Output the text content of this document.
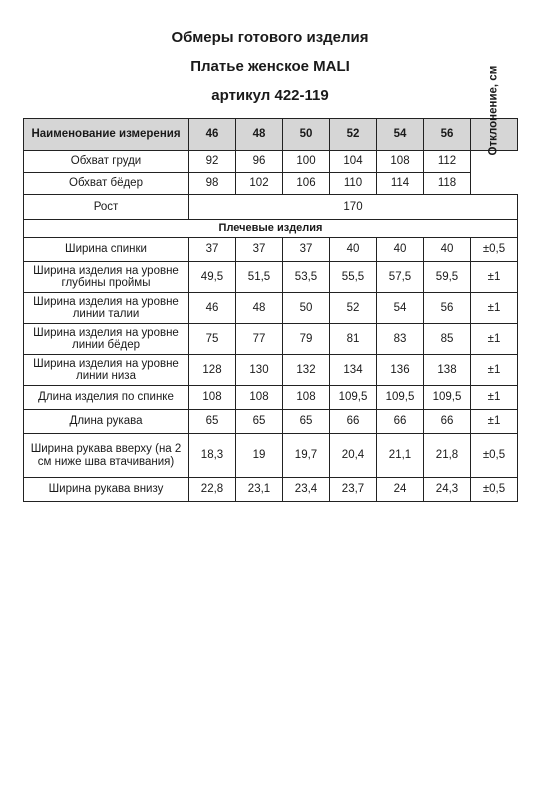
Обмеры готового изделия
Платье женское MALI
артикул 422-119
Наименование измерения	46	48	50	52	54	56	Отклонение, см

Обхват груди	92	96	100	104	108	112	
Обхват бёдер	98	102	106	110	114	118	
Рост	170						
Плечевые изделия							
Ширина спинки	37	37	37	40	40	40	±0,5
Ширина изделия на уровне глубины проймы	49,5	51,5	53,5	55,5	57,5	59,5	±1
Ширина изделия на уровне линии талии	46	48	50	52	54	56	±1
Ширина изделия на уровне линии бёдер	75	77	79	81	83	85	±1
Ширина изделия на уровне линии низа	128	130	132	134	136	138	±1
Длина изделия по спинке	108	108	108	109,5	109,5	109,5	±1
Длина рукава	65	65	65	66	66	66	±1
Ширина рукава вверху (на 2 см ниже шва втачивания)	18,3	19	19,7	20,4	21,1	21,8	±0,5
Ширина рукава внизу	22,8	23,1	23,4	23,7	24	24,3	±0,5
